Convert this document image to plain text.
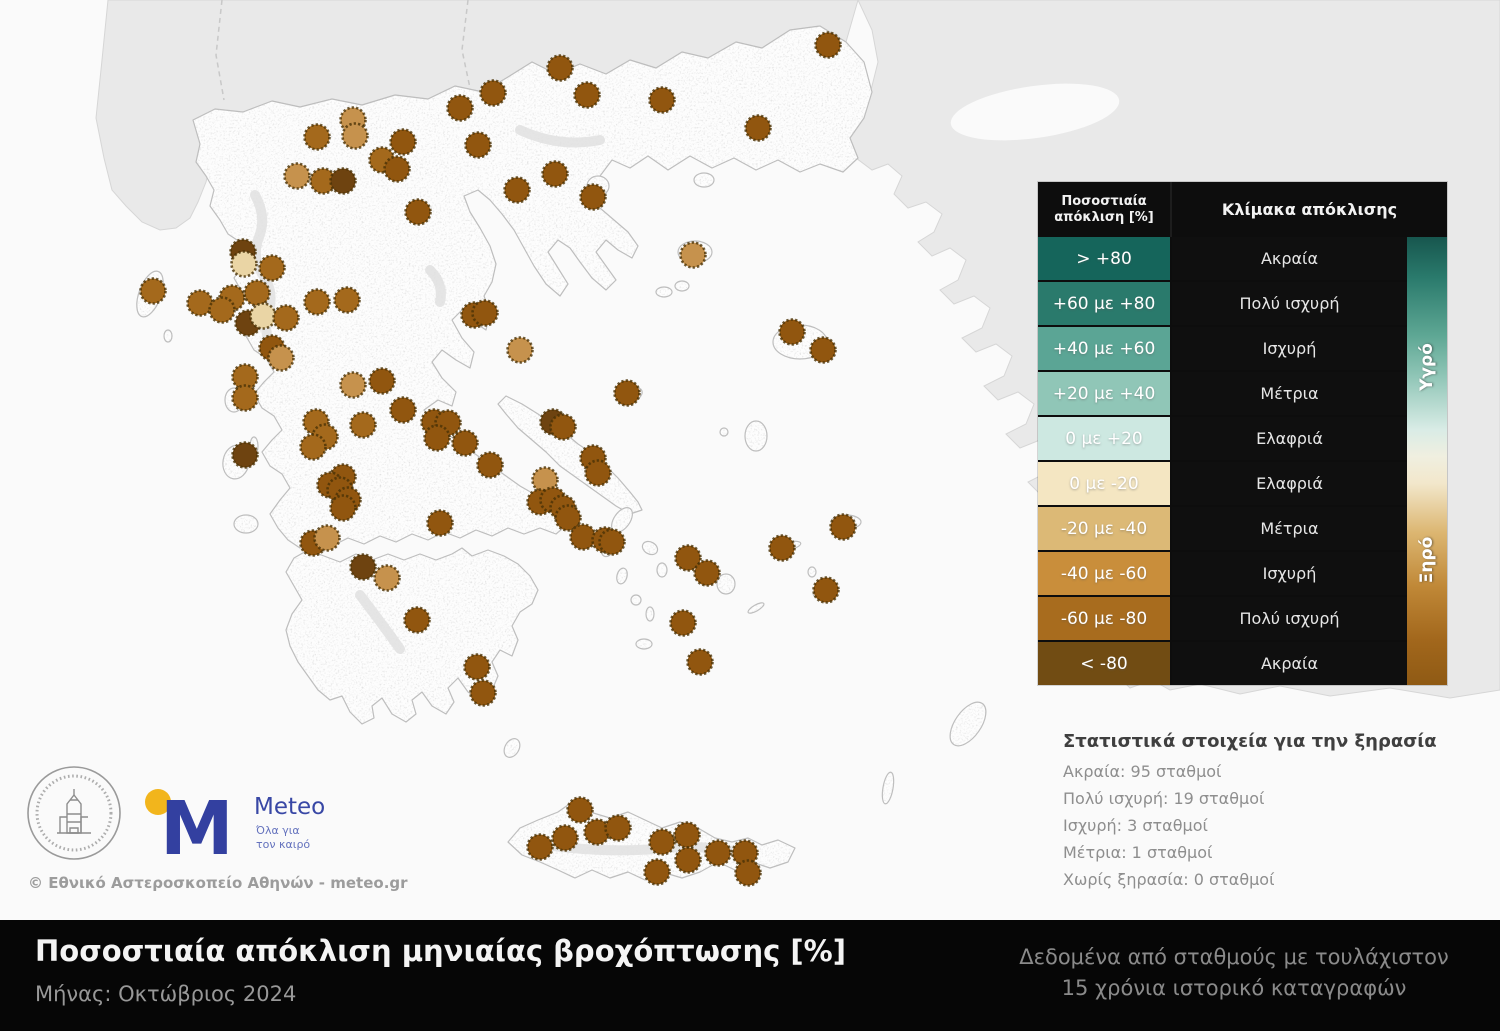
Ποσοστιαία
απόκλιση [%]	Κλίμακα απόκλισης
> +80	Ακραία
+60 με +80	Πολύ ισχυρή
+40 με +60	Ισχυρή
+20 με +40	Μέτρια
0 με +20	Ελαφριά
0 με -20	Ελαφριά
-20 με -40	Μέτρια
-40 με -60	Ισχυρή
-60 με -80	Πολύ ισχυρή
< -80	Ακραία
Υγρό
Ξηρό
Στατιστικά στοιχεία για την ξηρασία
Ακραία: 95 σταθμοί
Πολύ ισχυρή: 19 σταθμοί
Ισχυρή: 3 σταθμοί
Μέτρια: 1 σταθμοί
Χωρίς ξηρασία: 0 σταθμοί
M Meteo
Όλα για
τον καιρό
© Εθνικό Αστεροσκοπείο Αθηνών - meteo.gr
Ποσοστιαία απόκλιση μηνιαίας βροχόπτωσης [%]
Μήνας: Οκτώβριος 2024
Δεδομένα από σταθμούς με τουλάχιστον
15 χρόνια ιστορικό καταγραφών
